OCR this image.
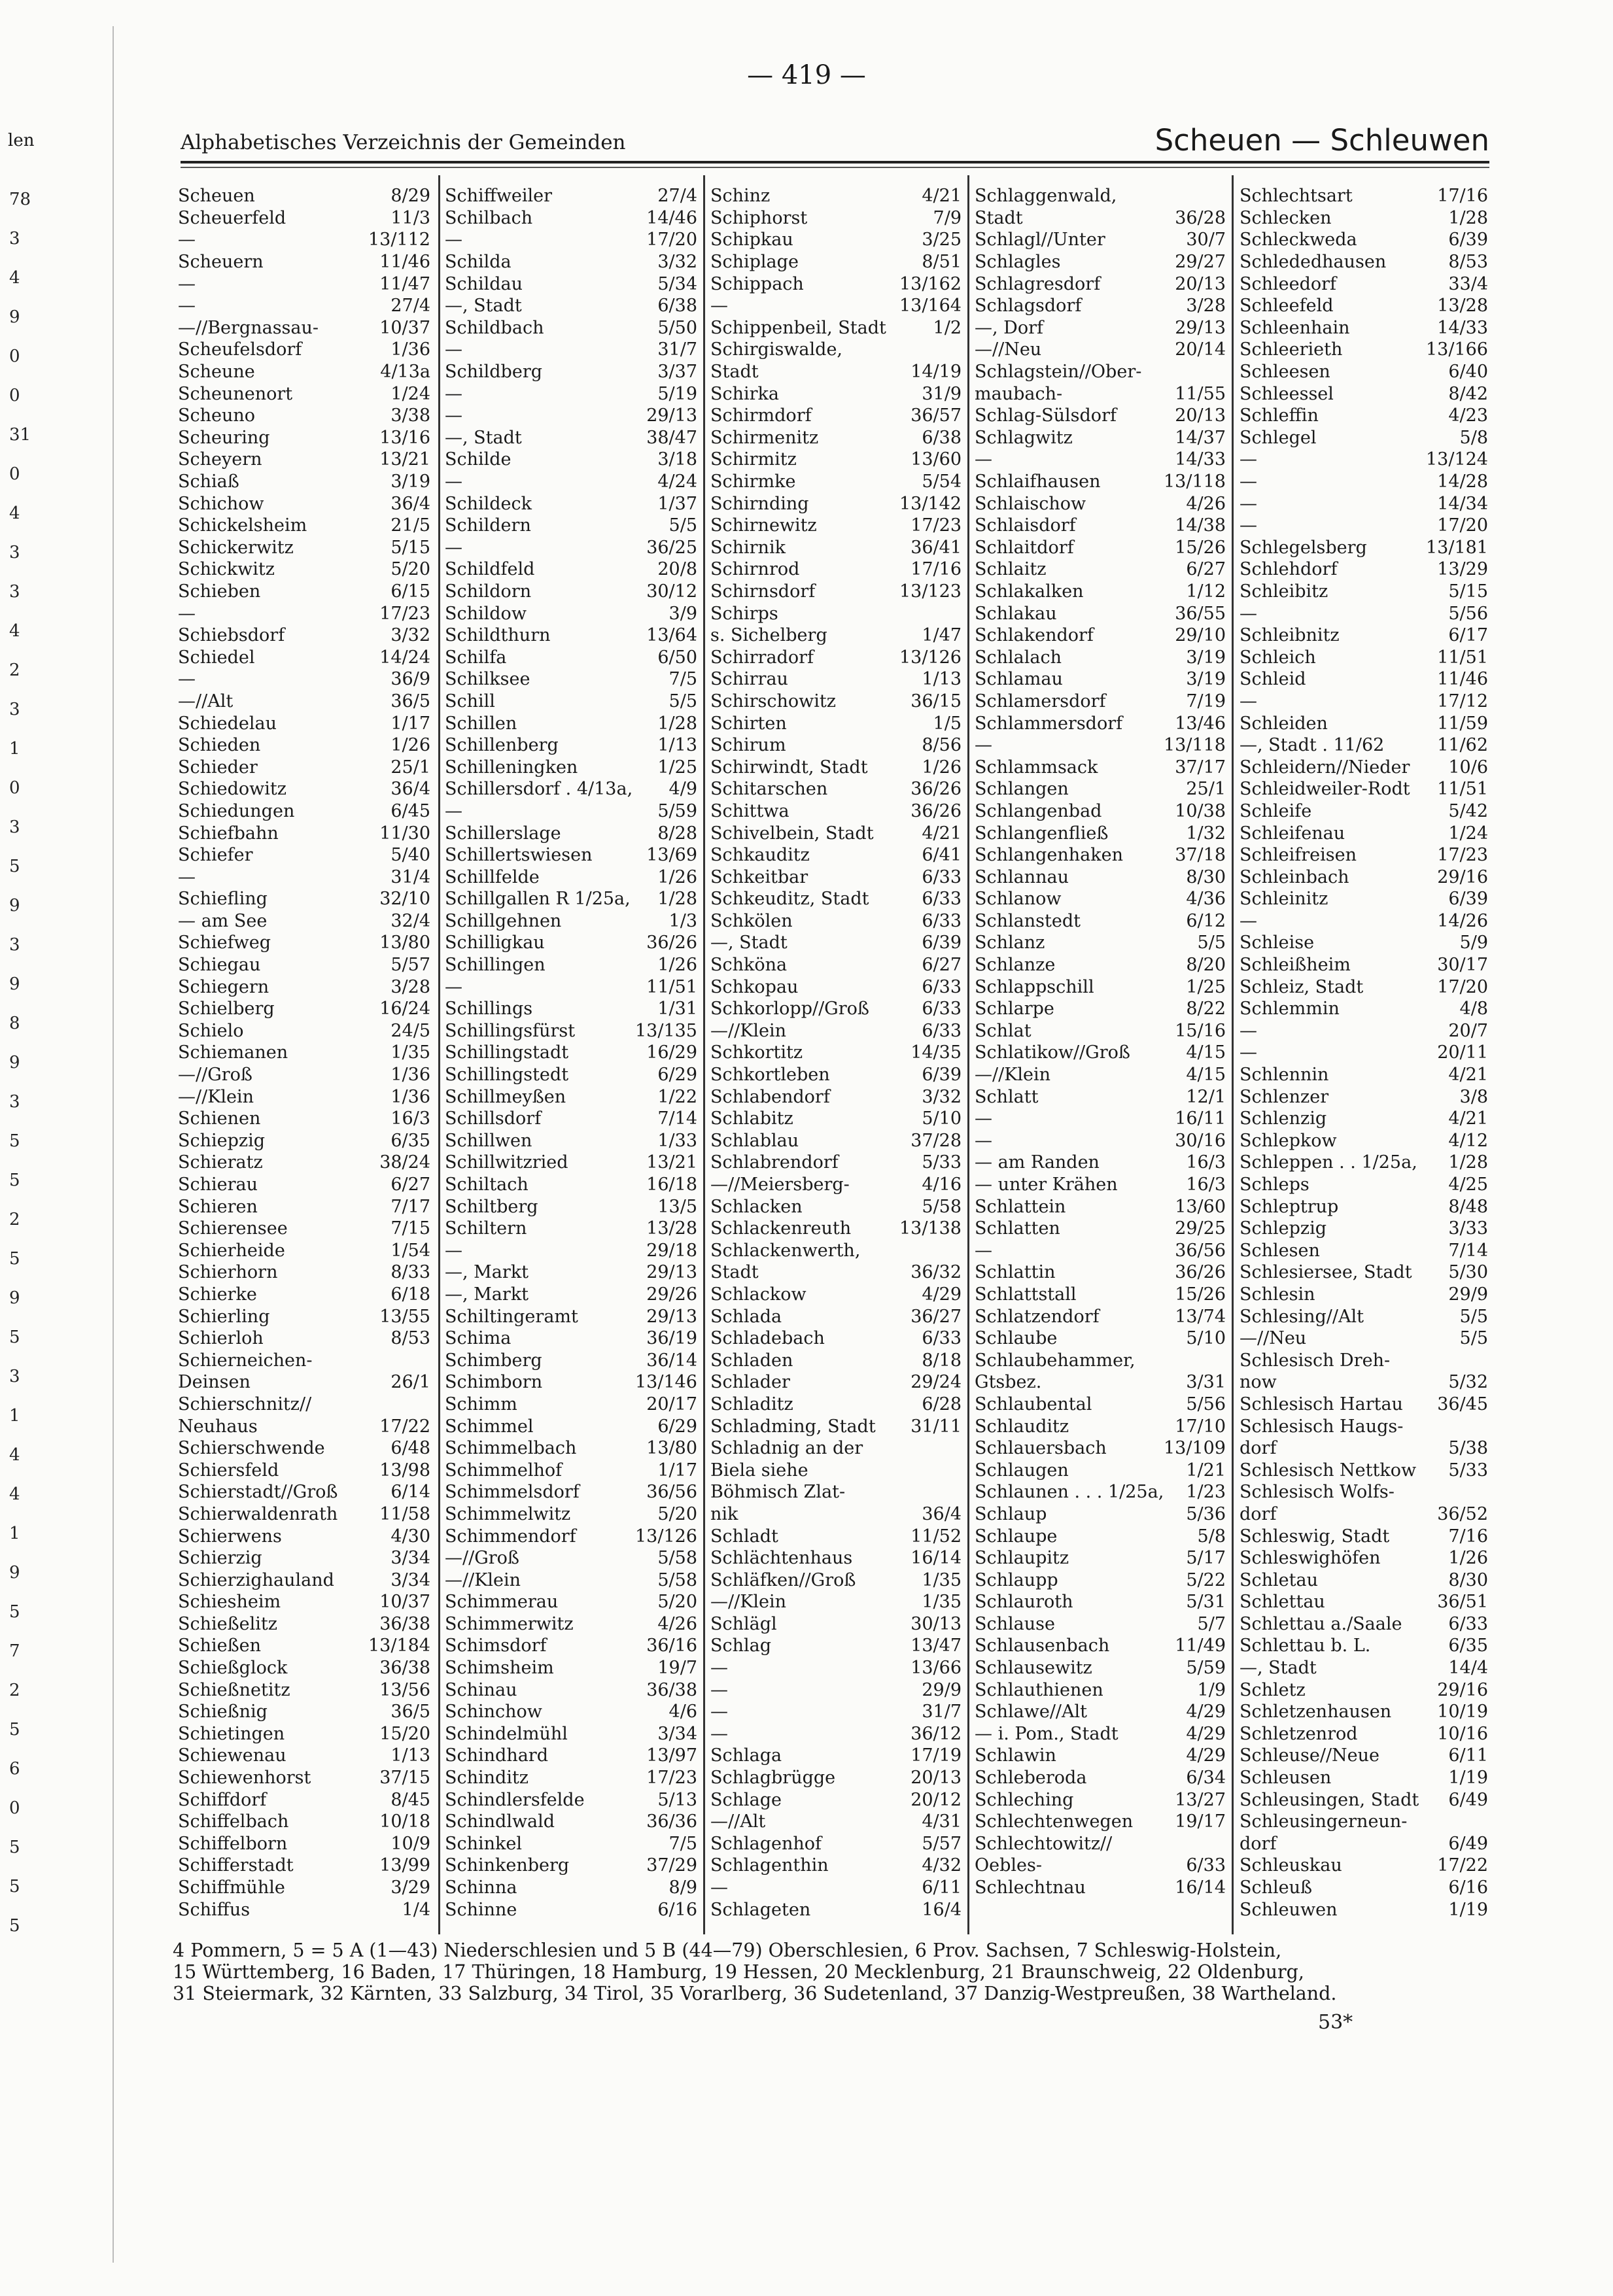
len
78
3
4
9
0
0
31
0
4
3
3
4
2
3
1
0
3
5
9
3
9
8
9
3
5
5
2
5
9
5
3
1
4
4
1
9
5
7
2
5
6
0
5
5
5
— 419 —
Alphabetisches Verzeichnis der Gemeinden	Scheuen — Schleuwen
Scheuen	8/29
Scheuerfeld	11/3
—	13/112
Scheuern	11/46
—	11/47
—	27/4
—//Bergnassau-	10/37
Scheufelsdorf	1/36
Scheune	4/13a
Scheunenort	1/24
Scheuno	3/38
Scheuring	13/16
Scheyern	13/21
Schiaß	3/19
Schichow	36/4
Schickelsheim	21/5
Schickerwitz	5/15
Schickwitz	5/20
Schieben	6/15
—	17/23
Schiebsdorf	3/32
Schiedel	14/24
—	36/9
—//Alt	36/5
Schiedelau	1/17
Schieden	1/26
Schieder	25/1
Schiedowitz	36/4
Schiedungen	6/45
Schiefbahn	11/30
Schiefer	5/40
—	31/4
Schiefling	32/10
— am See	32/4
Schiefweg	13/80
Schiegau	5/57
Schiegern	3/28
Schielberg	16/24
Schielo	24/5
Schiemanen	1/35
—//Groß	1/36
—//Klein	1/36
Schienen	16/3
Schiepzig	6/35
Schieratz	38/24
Schierau	6/27
Schieren	7/17
Schierensee	7/15
Schierheide	1/54
Schierhorn	8/33
Schierke	6/18
Schierling	13/55
Schierloh	8/53
Schierneichen-
Deinsen	26/1
Schierschnitz//
Neuhaus	17/22
Schierschwende	6/48
Schiersfeld	13/98
Schierstadt//Groß	6/14
Schierwaldenrath	11/58
Schierwens	4/30
Schierzig	3/34
Schierzighauland	3/34
Schiesheim	10/37
Schießelitz	36/38
Schießen	13/184
Schießglock	36/38
Schießnetitz	13/56
Schießnig	36/5
Schietingen	15/20
Schiewenau	1/13
Schiewenhorst	37/15
Schiffdorf	8/45
Schiffelbach	10/18
Schiffelborn	10/9
Schifferstadt	13/99
Schiffmühle	3/29
Schiffus	1/4
Schiffweiler	27/4
Schilbach	14/46
—	17/20
Schilda	3/32
Schildau	5/34
—, Stadt	6/38
Schildbach	5/50
—	31/7
Schildberg	3/37
—	5/19
—	29/13
—, Stadt	38/47
Schilde	3/18
—	4/24
Schildeck	1/37
Schildern	5/5
—	36/25
Schildfeld	20/8
Schildorn	30/12
Schildow	3/9
Schildthurn	13/64
Schilfa	6/50
Schilksee	7/5
Schill	5/5
Schillen	1/28
Schillenberg	1/13
Schilleningken	1/25
Schillersdorf . 4/13a,	4/9
—	5/59
Schillerslage	8/28
Schillertswiesen	13/69
Schillfelde	1/26
Schillgallen R 1/25a,	1/28
Schillgehnen	1/3
Schilligkau	36/26
Schillingen	1/26
—	11/51
Schillings	1/31
Schillingsfürst	13/135
Schillingstadt	16/29
Schillingstedt	6/29
Schillmeyßen	1/22
Schillsdorf	7/14
Schillwen	1/33
Schillwitzried	13/21
Schiltach	16/18
Schiltberg	13/5
Schiltern	13/28
—	29/18
—, Markt	29/13
—, Markt	29/26
Schiltingeramt	29/13
Schima	36/19
Schimberg	36/14
Schimborn	13/146
Schimm	20/17
Schimmel	6/29
Schimmelbach	13/80
Schimmelhof	1/17
Schimmelsdorf	36/56
Schimmelwitz	5/20
Schimmendorf	13/126
—//Groß	5/58
—//Klein	5/58
Schimmerau	5/20
Schimmerwitz	4/26
Schimsdorf	36/16
Schimsheim	19/7
Schinau	36/38
Schinchow	4/6
Schindelmühl	3/34
Schindhard	13/97
Schinditz	17/23
Schindlersfelde	5/13
Schindlwald	36/36
Schinkel	7/5
Schinkenberg	37/29
Schinna	8/9
Schinne	6/16
Schinz	4/21
Schiphorst	7/9
Schipkau	3/25
Schiplage	8/51
Schippach	13/162
—	13/164
Schippenbeil, Stadt	1/2
Schirgiswalde,
Stadt	14/19
Schirka	31/9
Schirmdorf	36/57
Schirmenitz	6/38
Schirmitz	13/60
Schirmke	5/54
Schirnding	13/142
Schirnewitz	17/23
Schirnik	36/41
Schirnrod	17/16
Schirnsdorf	13/123
Schirps
s. Sichelberg	1/47
Schirradorf	13/126
Schirrau	1/13
Schirschowitz	36/15
Schirten	1/5
Schirum	8/56
Schirwindt, Stadt	1/26
Schitarschen	36/26
Schittwa	36/26
Schivelbein, Stadt	4/21
Schkauditz	6/41
Schkeitbar	6/33
Schkeuditz, Stadt	6/33
Schkölen	6/33
—, Stadt	6/39
Schköna	6/27
Schkopau	6/33
Schkorlopp//Groß	6/33
—//Klein	6/33
Schkortitz	14/35
Schkortleben	6/39
Schlabendorf	3/32
Schlabitz	5/10
Schlablau	37/28
Schlabrendorf	5/33
—//Meiersberg-	4/16
Schlacken	5/58
Schlackenreuth	13/138
Schlackenwerth,
Stadt	36/32
Schlackow	4/29
Schlada	36/27
Schladebach	6/33
Schladen	8/18
Schlader	29/24
Schladitz	6/28
Schladming, Stadt	31/11
Schladnig an der
Biela siehe
Böhmisch Zlat-
nik	36/4
Schladt	11/52
Schlächtenhaus	16/14
Schläfken//Groß	1/35
—//Klein	1/35
Schlägl	30/13
Schlag	13/47
—	13/66
—	29/9
—	31/7
—	36/12
Schlaga	17/19
Schlagbrügge	20/13
Schlage	20/12
—//Alt	4/31
Schlagenhof	5/57
Schlagenthin	4/32
—	6/11
Schlageten	16/4
Schlaggenwald,
Stadt	36/28
Schlagl//Unter	30/7
Schlagles	29/27
Schlagresdorf	20/13
Schlagsdorf	3/28
—, Dorf	29/13
—//Neu	20/14
Schlagstein//Ober-
maubach-	11/55
Schlag-Sülsdorf	20/13
Schlagwitz	14/37
—	14/33
Schlaifhausen	13/118
Schlaischow	4/26
Schlaisdorf	14/38
Schlaitdorf	15/26
Schlaitz	6/27
Schlakalken	1/12
Schlakau	36/55
Schlakendorf	29/10
Schlalach	3/19
Schlamau	3/19
Schlamersdorf	7/19
Schlammersdorf	13/46
—	13/118
Schlammsack	37/17
Schlangen	25/1
Schlangenbad	10/38
Schlangenfließ	1/32
Schlangenhaken	37/18
Schlannau	8/30
Schlanow	4/36
Schlanstedt	6/12
Schlanz	5/5
Schlanze	8/20
Schlappschill	1/25
Schlarpe	8/22
Schlat	15/16
Schlatikow//Groß	4/15
—//Klein	4/15
Schlatt	12/1
—	16/11
—	30/16
— am Randen	16/3
— unter Krähen	16/3
Schlattein	13/60
Schlatten	29/25
—	36/56
Schlattin	36/26
Schlattstall	15/26
Schlatzendorf	13/74
Schlaube	5/10
Schlaubehammer,
Gtsbez.	3/31
Schlaubental	5/56
Schlauditz	17/10
Schlauersbach	13/109
Schlaugen	1/21
Schlaunen . . . 1/25a,	1/23
Schlaup	5/36
Schlaupe	5/8
Schlaupitz	5/17
Schlaupp	5/22
Schlauroth	5/31
Schlause	5/7
Schlausenbach	11/49
Schlausewitz	5/59
Schlauthienen	1/9
Schlawe//Alt	4/29
— i. Pom., Stadt	4/29
Schlawin	4/29
Schleberoda	6/34
Schleching	13/27
Schlechtenwegen	19/17
Schlechtowitz//
Oebles-	6/33
Schlechtnau	16/14
Schlechtsart	17/16
Schlecken	1/28
Schleckweda	6/39
Schlededhausen	8/53
Schleedorf	33/4
Schleefeld	13/28
Schleenhain	14/33
Schleerieth	13/166
Schleesen	6/40
Schleessel	8/42
Schleffin	4/23
Schlegel	5/8
—	13/124
—	14/28
—	14/34
—	17/20
Schlegelsberg	13/181
Schlehdorf	13/29
Schleibitz	5/15
—	5/56
Schleibnitz	6/17
Schleich	11/51
Schleid	11/46
—	17/12
Schleiden	11/59
—, Stadt . 11/62	11/62
Schleidern//Nieder	10/6
Schleidweiler-Rodt	11/51
Schleife	5/42
Schleifenau	1/24
Schleifreisen	17/23
Schleinbach	29/16
Schleinitz	6/39
—	14/26
Schleise	5/9
Schleißheim	30/17
Schleiz, Stadt	17/20
Schlemmin	4/8
—	20/7
—	20/11
Schlennin	4/21
Schlenzer	3/8
Schlenzig	4/21
Schlepkow	4/12
Schleppen . . 1/25a,	1/28
Schleps	4/25
Schleptrup	8/48
Schlepzig	3/33
Schlesen	7/14
Schlesiersee, Stadt	5/30
Schlesin	29/9
Schlesing//Alt	5/5
—//Neu	5/5
Schlesisch Dreh-
now	5/32
Schlesisch Hartau	36/45
Schlesisch Haugs-
dorf	5/38
Schlesisch Nettkow	5/33
Schlesisch Wolfs-
dorf	36/52
Schleswig, Stadt	7/16
Schleswighöfen	1/26
Schletau	8/30
Schlettau	36/51
Schlettau a./Saale	6/33
Schlettau b. L.	6/35
—, Stadt	14/4
Schletz	29/16
Schletzenhausen	10/19
Schletzenrod	10/16
Schleuse//Neue	6/11
Schleusen	1/19
Schleusingen, Stadt	6/49
Schleusingerneun-
dorf	6/49
Schleuskau	17/22
Schleuß	6/16
Schleuwen	1/19
4 Pommern, 5 = 5 A (1—43) Niederschlesien und 5 B (44—79) Oberschlesien, 6 Prov. Sachsen, 7 Schleswig-Holstein,
15 Württemberg, 16 Baden, 17 Thüringen, 18 Hamburg, 19 Hessen, 20 Mecklenburg, 21 Braunschweig, 22 Oldenburg,
31 Steiermark, 32 Kärnten, 33 Salzburg, 34 Tirol, 35 Vorarlberg, 36 Sudetenland, 37 Danzig-Westpreußen, 38 Wartheland.
53*
